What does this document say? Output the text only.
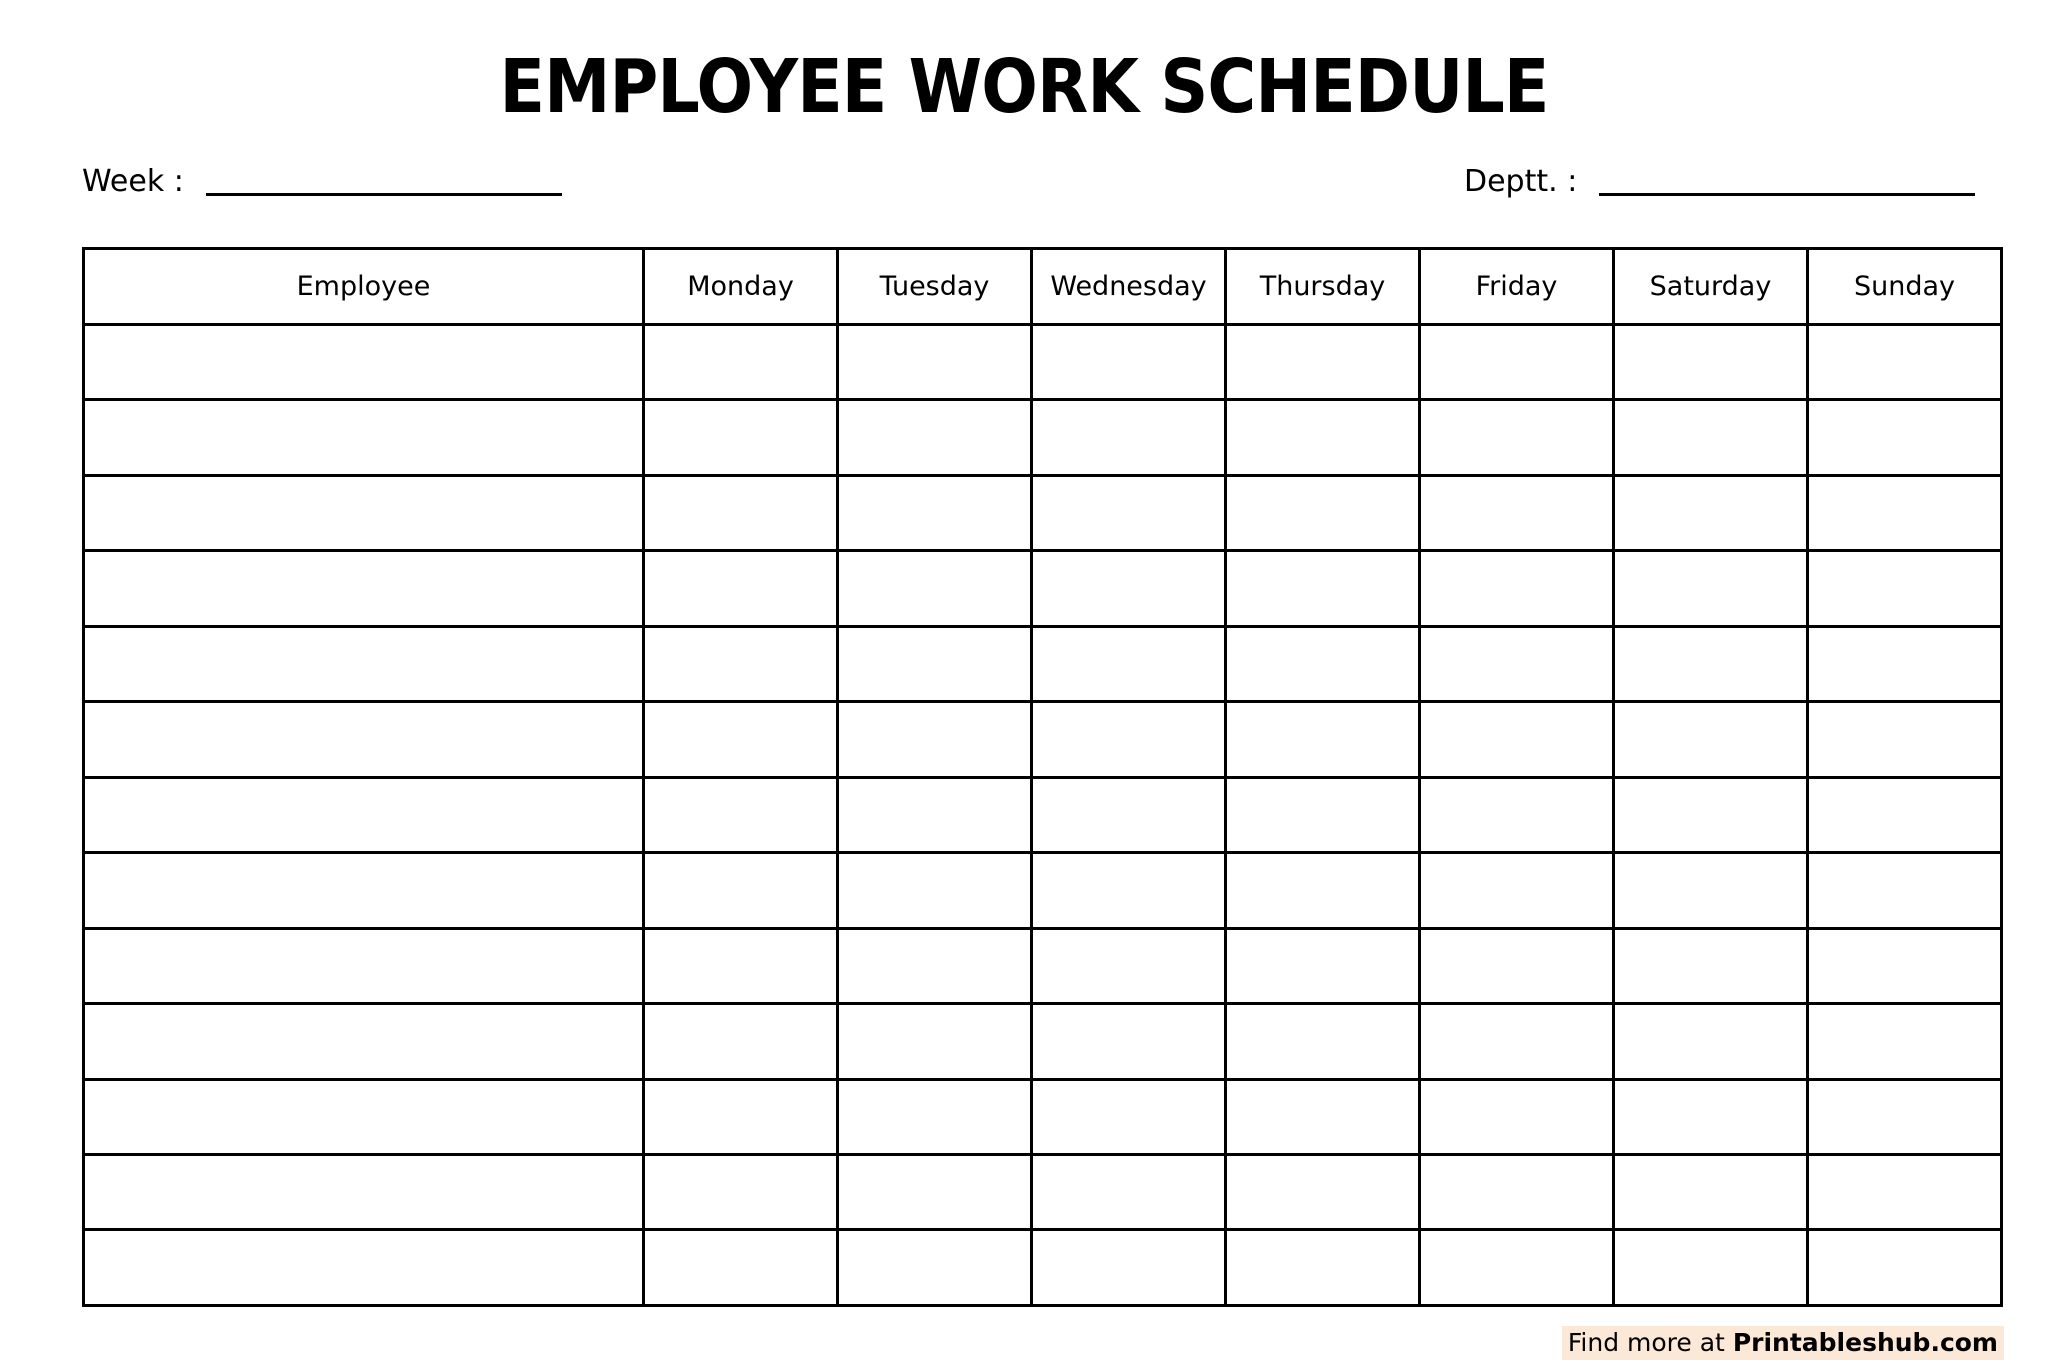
EMPLOYEE WORK SCHEDULE
Week :	Deptt. :
Employee	Monday	Tuesday	Wednesday	Thursday	Friday	Saturday	Sunday

Find more at Printableshub.com
